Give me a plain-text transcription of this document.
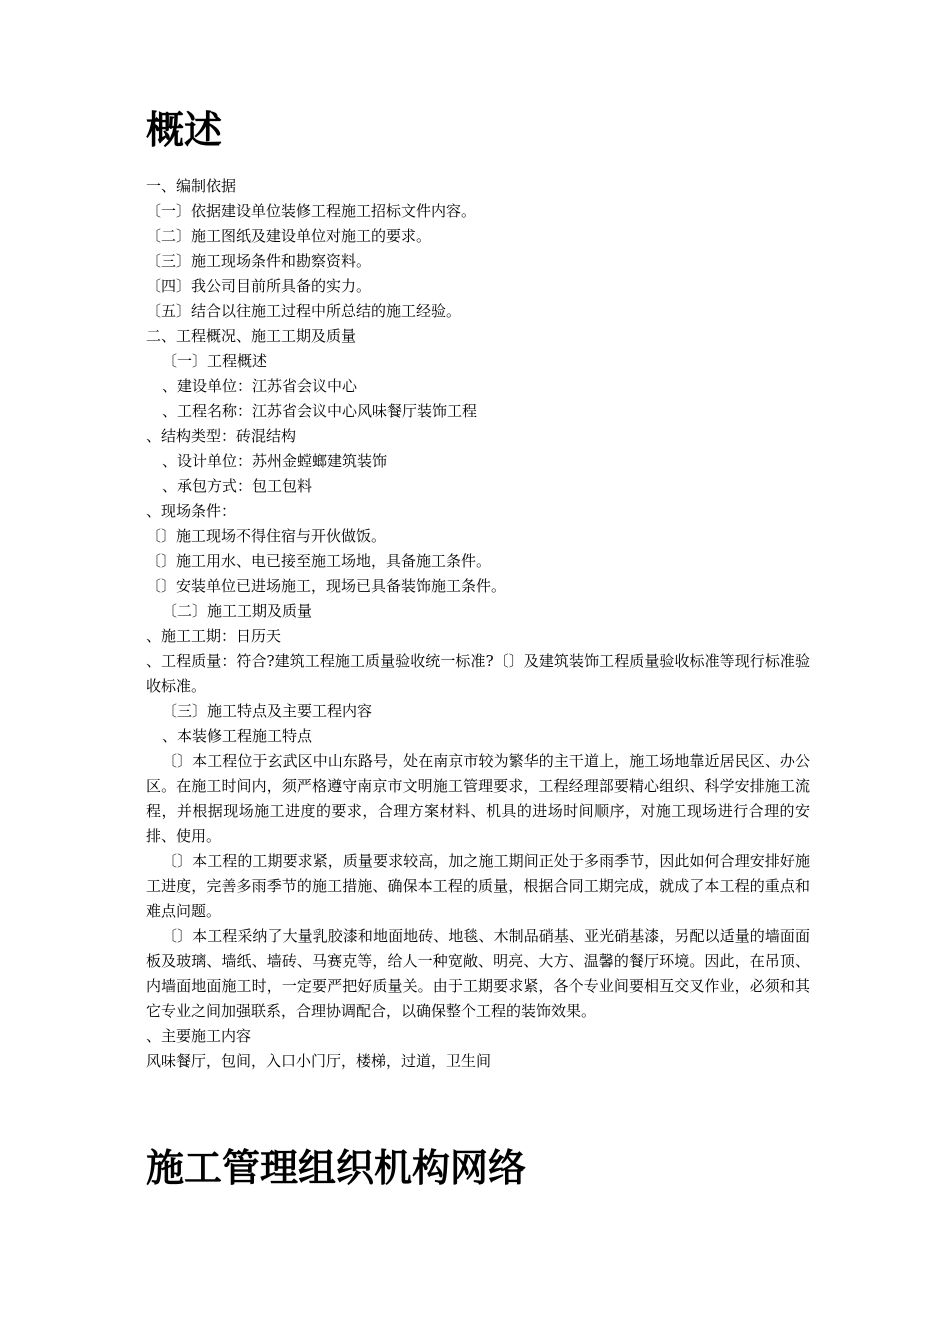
概述
一、编制依据
〔一〕依据建设单位装修工程施工招标文件内容。
〔二〕施工图纸及建设单位对施工的要求。
〔三〕施工现场条件和勘察资料。
〔四〕我公司目前所具备的实力。
〔五〕结合以往施工过程中所总结的施工经验。
二、工程概况、施工工期及质量
〔一〕工程概述
、建设单位：江苏省会议中心
、工程名称：江苏省会议中心风味餐厅装饰工程
、结构类型：砖混结构
、设计单位：苏州金螳螂建筑装饰
、承包方式：包工包料
、现场条件：
〔〕施工现场不得住宿与开伙做饭。
〔〕施工用水、电已接至施工场地，具备施工条件。
〔〕安装单位已进场施工，现场已具备装饰施工条件。
〔二〕施工工期及质量
、施工工期：日历天
、工程质量：符合?建筑工程施工质量验收统一标准?〔〕及建筑装饰工程质量验收标准等现行标准验收标准。
〔三〕施工特点及主要工程内容
、本装修工程施工特点
〔〕本工程位于玄武区中山东路号，处在南京市较为繁华的主干道上，施工场地靠近居民区、办公区。在施工时间内，须严格遵守南京市文明施工管理要求，工程经理部要精心组织、科学安排施工流程，并根据现场施工进度的要求，合理方案材料、机具的进场时间顺序，对施工现场进行合理的安排、使用。
〔〕本工程的工期要求紧，质量要求较高，加之施工期间正处于多雨季节，因此如何合理安排好施工进度，完善多雨季节的施工措施、确保本工程的质量，根据合同工期完成，就成了本工程的重点和难点问题。
〔〕本工程采纳了大量乳胶漆和地面地砖、地毯、木制品硝基、亚光硝基漆，另配以适量的墙面面板及玻璃、墙纸、墙砖、马赛克等，给人一种宽敞、明亮、大方、温馨的餐厅环境。因此，在吊顶、内墙面地面施工时，一定要严把好质量关。由于工期要求紧，各个专业间要相互交叉作业，必须和其它专业之间加强联系，合理协调配合，以确保整个工程的装饰效果。
、主要施工内容
风味餐厅，包间，入口小门厅，楼梯，过道，卫生间
施工管理组织机构网络
